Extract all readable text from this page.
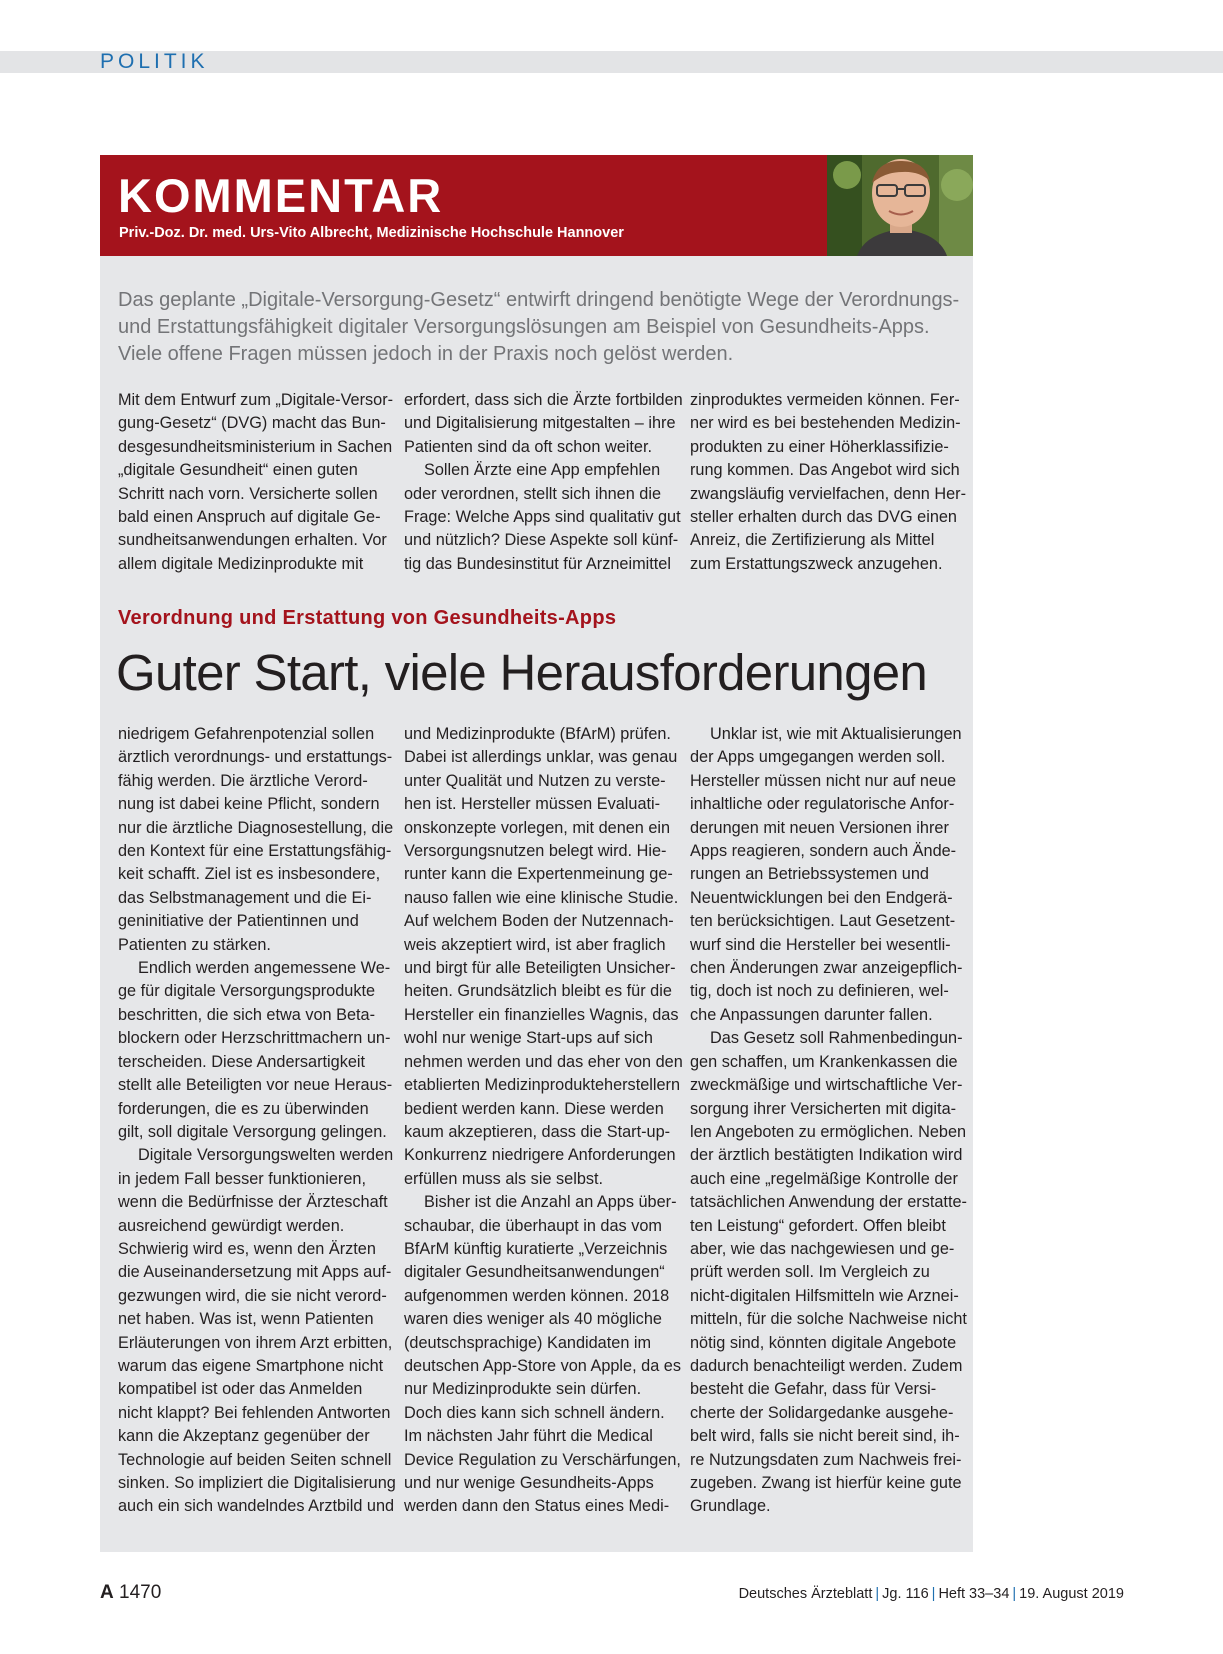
POLITIK
KOMMENTAR
Priv.-Doz. Dr. med. Urs-Vito Albrecht, Medizinische Hochschule Hannover
Das geplante „Digitale-Versorgung-Gesetz“ entwirft dringend benötigte Wege der Verordnungs-
und Erstattungsfähigkeit digitaler Versorgungslösungen am Beispiel von Gesundheits-Apps.
Viele offene Fragen müssen jedoch in der Praxis noch gelöst werden.
Mit dem Entwurf zum „Digitale-Versor-
gung-Gesetz“ (DVG) macht das Bun-
desgesundheitsministerium in Sachen
„digitale Gesundheit“ einen guten
Schritt nach vorn. Versicherte sollen
bald einen Anspruch auf digitale Ge-
sundheitsanwendungen erhalten. Vor
allem digitale Medizinprodukte mit
erfordert, dass sich die Ärzte fortbilden
und Digitalisierung mitgestalten – ihre
Patienten sind da oft schon weiter.
Sollen Ärzte eine App empfehlen
oder verordnen, stellt sich ihnen die
Frage: Welche Apps sind qualitativ gut
und nützlich? Diese Aspekte soll künf-
tig das Bundesinstitut für Arzneimittel
zinproduktes vermeiden können. Fer-
ner wird es bei bestehenden Medizin-
produkten zu einer Höherklassifizie-
rung kommen. Das Angebot wird sich
zwangsläufig vervielfachen, denn Her-
steller erhalten durch das DVG einen
Anreiz, die Zertifizierung als Mittel
zum Erstattungszweck anzugehen.
Verordnung und Erstattung von Gesundheits-Apps
Guter Start, viele Herausforderungen
niedrigem Gefahrenpotenzial sollen
ärztlich verordnungs- und erstattungs-
fähig werden. Die ärztliche Verord-
nung ist dabei keine Pflicht, sondern
nur die ärztliche Diagnosestellung, die
den Kontext für eine Erstattungsfähig-
keit schafft. Ziel ist es insbesondere,
das Selbstmanagement und die Ei-
geninitiative der Patientinnen und
Patienten zu stärken.
Endlich werden angemessene We-
ge für digitale Versorgungsprodukte
beschritten, die sich etwa von Beta-
blockern oder Herzschrittmachern un-
terscheiden. Diese Andersartigkeit
stellt alle Beteiligten vor neue Heraus-
forderungen, die es zu überwinden
gilt, soll digitale Versorgung gelingen.
Digitale Versorgungswelten werden
in jedem Fall besser funktionieren,
wenn die Bedürfnisse der Ärzteschaft
ausreichend gewürdigt werden.
Schwierig wird es, wenn den Ärzten
die Auseinandersetzung mit Apps auf-
gezwungen wird, die sie nicht verord-
net haben. Was ist, wenn Patienten
Erläuterungen von ihrem Arzt erbitten,
warum das eigene Smartphone nicht
kompatibel ist oder das Anmelden
nicht klappt? Bei fehlenden Antworten
kann die Akzeptanz gegenüber der
Technologie auf beiden Seiten schnell
sinken. So impliziert die Digitalisierung
auch ein sich wandelndes Arztbild und
und Medizinprodukte (BfArM) prüfen.
Dabei ist allerdings unklar, was genau
unter Qualität und Nutzen zu verste-
hen ist. Hersteller müssen Evaluati-
onskonzepte vorlegen, mit denen ein
Versorgungsnutzen belegt wird. Hie-
runter kann die Expertenmeinung ge-
nauso fallen wie eine klinische Studie.
Auf welchem Boden der Nutzennach-
weis akzeptiert wird, ist aber fraglich
und birgt für alle Beteiligten Unsicher-
heiten. Grundsätzlich bleibt es für die
Hersteller ein finanzielles Wagnis, das
wohl nur wenige Start-ups auf sich
nehmen werden und das eher von den
etablierten Medizinprodukteherstellern
bedient werden kann. Diese werden
kaum akzeptieren, dass die Start-up-
Konkurrenz niedrigere Anforderungen
erfüllen muss als sie selbst.
Bisher ist die Anzahl an Apps über-
schaubar, die überhaupt in das vom
BfArM künftig kuratierte „Verzeichnis
digitaler Gesundheitsanwendungen“
aufgenommen werden können. 2018
waren dies weniger als 40 mögliche
(deutschsprachige) Kandidaten im
deutschen App-Store von Apple, da es
nur Medizinprodukte sein dürfen.
Doch dies kann sich schnell ändern.
Im nächsten Jahr führt die Medical
Device Regulation zu Verschärfungen,
und nur wenige Gesundheits-Apps
werden dann den Status eines Medi-
Unklar ist, wie mit Aktualisierungen
der Apps umgegangen werden soll.
Hersteller müssen nicht nur auf neue
inhaltliche oder regulatorische Anfor-
derungen mit neuen Versionen ihrer
Apps reagieren, sondern auch Ände-
rungen an Betriebssystemen und
Neuentwicklungen bei den Endgerä-
ten berücksichtigen. Laut Gesetzent-
wurf sind die Hersteller bei wesentli-
chen Änderungen zwar anzeigepflich-
tig, doch ist noch zu definieren, wel-
che Anpassungen darunter fallen.
Das Gesetz soll Rahmenbedingun-
gen schaffen, um Krankenkassen die
zweckmäßige und wirtschaftliche Ver-
sorgung ihrer Versicherten mit digita-
len Angeboten zu ermöglichen. Neben
der ärztlich bestätigten Indikation wird
auch eine „regelmäßige Kontrolle der
tatsächlichen Anwendung der erstatte-
ten Leistung“ gefordert. Offen bleibt
aber, wie das nachgewiesen und ge-
prüft werden soll. Im Vergleich zu
nicht-digitalen Hilfsmitteln wie Arznei-
mitteln, für die solche Nachweise nicht
nötig sind, könnten digitale Angebote
dadurch benachteiligt werden. Zudem
besteht die Gefahr, dass für Versi-
cherte der Solidargedanke ausgehe-
belt wird, falls sie nicht bereit sind, ih-
re Nutzungsdaten zum Nachweis frei-
zugeben. Zwang ist hierfür keine gute
Grundlage.
A 1470	Deutsches Ärzteblatt | Jg. 116 | Heft 33–34 | 19. August 2019
